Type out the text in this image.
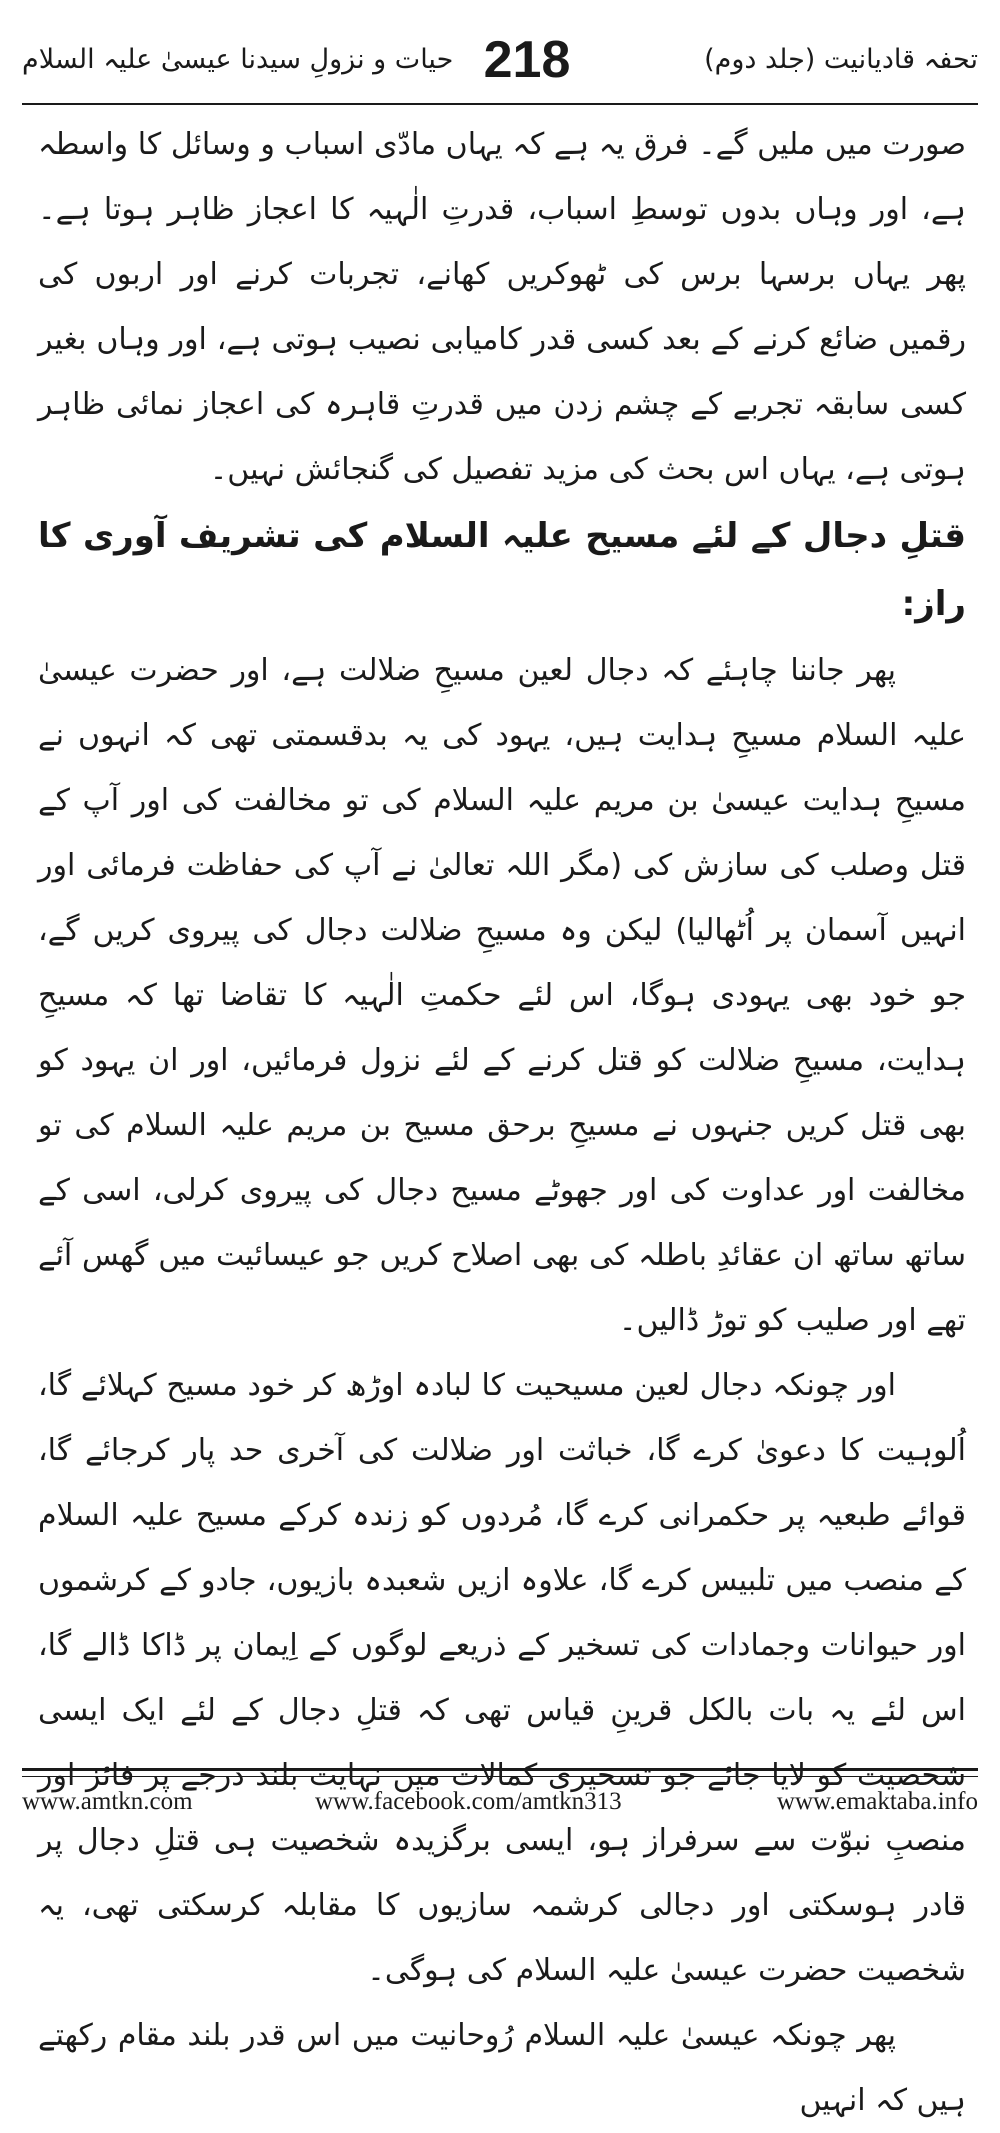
تحفہ قادیانیت (جلد دوم)
218
حیات و نزولِ سیدنا عیسیٰ علیہ السلام

صورت میں ملیں گے۔ فرق یہ ہے کہ یہاں مادّی اسباب و وسائل کا واسطہ ہے، اور وہاں بدوں توسطِ اسباب، قدرتِ الٰہیہ کا اعجاز ظاہر ہوتا ہے۔ پھر یہاں برسہا برس کی ٹھوکریں کھانے، تجربات کرنے اور اربوں کی رقمیں ضائع کرنے کے بعد کسی قدر کامیابی نصیب ہوتی ہے، اور وہاں بغیر کسی سابقہ تجربے کے چشم زدن میں قدرتِ قاہرہ کی اعجاز نمائی ظاہر ہوتی ہے، یہاں اس بحث کی مزید تفصیل کی گنجائش نہیں۔

قتلِ دجال کے لئے مسیح علیہ السلام کی تشریف آوری کا راز:

پھر جاننا چاہئے کہ دجال لعین مسیحِ ضلالت ہے، اور حضرت عیسیٰ علیہ السلام مسیحِ ہدایت ہیں، یہود کی یہ بدقسمتی تھی کہ انہوں نے مسیحِ ہدایت عیسیٰ بن مریم علیہ السلام کی تو مخالفت کی اور آپ کے قتل وصلب کی سازش کی (مگر اللہ تعالیٰ نے آپ کی حفاظت فرمائی اور انہیں آسمان پر اُٹھالیا) لیکن وہ مسیحِ ضلالت دجال کی پیروی کریں گے، جو خود بھی یہودی ہوگا، اس لئے حکمتِ الٰہیہ کا تقاضا تھا کہ مسیحِ ہدایت، مسیحِ ضلالت کو قتل کرنے کے لئے نزول فرمائیں، اور ان یہود کو بھی قتل کریں جنہوں نے مسیحِ برحق مسیح بن مریم علیہ السلام کی تو مخالفت اور عداوت کی اور جھوٹے مسیح دجال کی پیروی کرلی، اسی کے ساتھ ساتھ ان عقائدِ باطلہ کی بھی اصلاح کریں جو عیسائیت میں گھس آئے تھے اور صلیب کو توڑ ڈالیں۔

اور چونکہ دجال لعین مسیحیت کا لبادہ اوڑھ کر خود مسیح کہلائے گا، اُلوہیت کا دعویٰ کرے گا، خباثت اور ضلالت کی آخری حد پار کرجائے گا، قوائے طبعیہ پر حکمرانی کرے گا، مُردوں کو زندہ کرکے مسیح علیہ السلام کے منصب میں تلبیس کرے گا، علاوہ ازیں شعبدہ بازیوں، جادو کے کرشموں اور حیوانات وجمادات کی تسخیر کے ذریعے لوگوں کے اِیمان پر ڈاکا ڈالے گا، اس لئے یہ بات بالکل قرینِ قیاس تھی کہ قتلِ دجال کے لئے ایک ایسی شخصیت کو لایا جائے جو تسخیری کمالات میں نہایت بلند درجے پر فائز اور منصبِ نبوّت سے سرفراز ہو، ایسی برگزیدہ شخصیت ہی قتلِ دجال پر قادر ہوسکتی اور دجالی کرشمہ سازیوں کا مقابلہ کرسکتی تھی، یہ شخصیت حضرت عیسیٰ علیہ السلام کی ہوگی۔

پھر چونکہ عیسیٰ علیہ السلام رُوحانیت میں اس قدر بلند مقام رکھتے ہیں کہ انہیں

www.amtkn.com	www.facebook.com/amtkn313	www.emaktaba.info
